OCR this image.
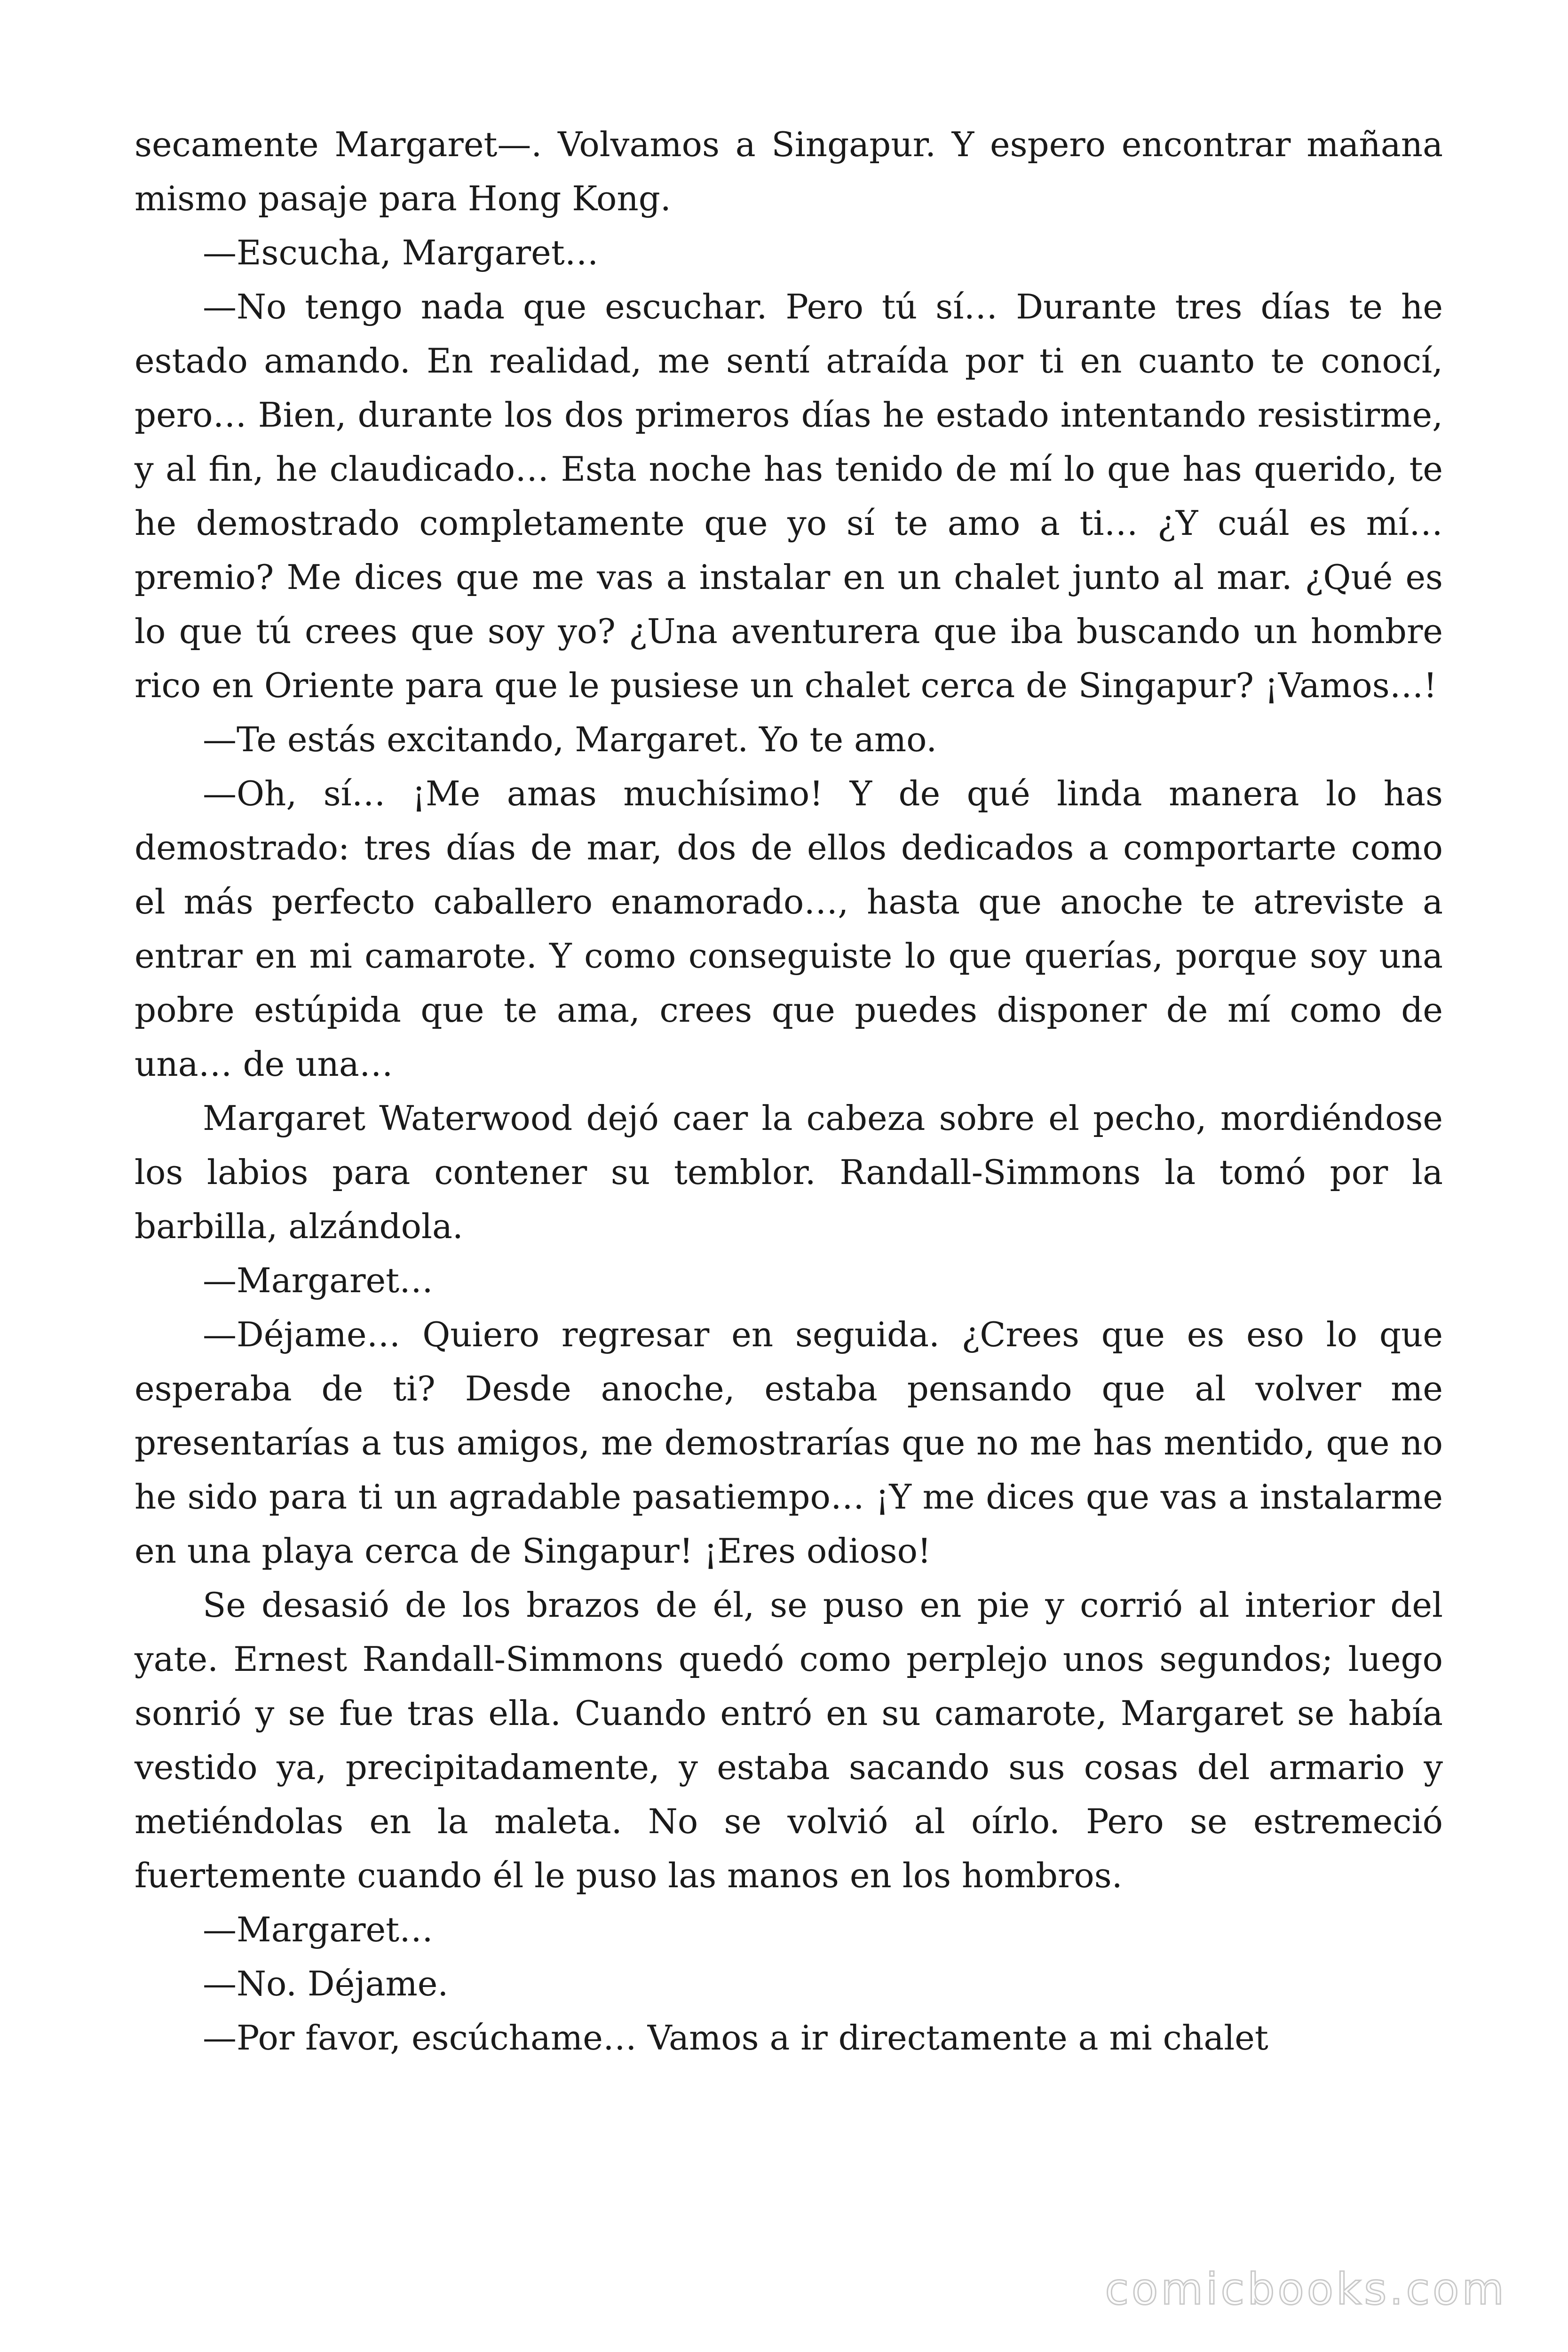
secamente Margaret—. Volvamos a Singapur. Y espero encontrar mañana mismo pasaje para Hong Kong.

—Escucha, Margaret…

—No tengo nada que escuchar. Pero tú sí… Durante tres días te he estado amando. En realidad, me sentí atraída por ti en cuanto te conocí, pero… Bien, durante los dos primeros días he estado intentando resistirme, y al fin, he claudicado… Esta noche has tenido de mí lo que has querido, te he demostrado completamente que yo sí te amo a ti… ¿Y cuál es mí… premio? Me dices que me vas a instalar en un chalet junto al mar. ¿Qué es lo que tú crees que soy yo? ¿Una aventurera que iba buscando un hombre rico en Oriente para que le pusiese un chalet cerca de Singapur? ¡Vamos…!

—Te estás excitando, Margaret. Yo te amo.

—Oh, sí… ¡Me amas muchísimo! Y de qué linda manera lo has demostrado: tres días de mar, dos de ellos dedicados a comportarte como el más perfecto caballero enamorado…, hasta que anoche te atreviste a entrar en mi camarote. Y como conseguiste lo que querías, porque soy una pobre estúpida que te ama, crees que puedes disponer de mí como de una… de una…

Margaret Waterwood dejó caer la cabeza sobre el pecho, mordiéndose los labios para contener su temblor. Randall-Simmons la tomó por la barbilla, alzándola.

—Margaret…

—Déjame… Quiero regresar en seguida. ¿Crees que es eso lo que esperaba de ti? Desde anoche, estaba pensando que al volver me presentarías a tus amigos, me demostrarías que no me has mentido, que no he sido para ti un agradable pasatiempo… ¡Y me dices que vas a instalarme en una playa cerca de Singapur! ¡Eres odioso!

Se desasió de los brazos de él, se puso en pie y corrió al interior del yate. Ernest Randall-Simmons quedó como perplejo unos segundos; luego sonrió y se fue tras ella. Cuando entró en su camarote, Margaret se había vestido ya, precipitadamente, y estaba sacando sus cosas del armario y metiéndolas en la maleta. No se volvió al oírlo. Pero se estremeció fuertemente cuando él le puso las manos en los hombros.

—Margaret…

—No. Déjame.

—Por favor, escúchame… Vamos a ir directamente a mi chalet

comicbooks.com
